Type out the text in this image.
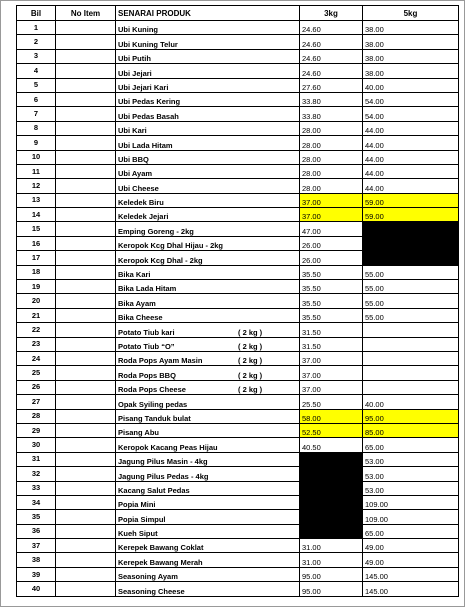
Bil	No Item	SENARAI PRODUK	3kg	5kg
1		Ubi Kuning	24.60	38.00
2		Ubi Kuning Telur	24.60	38.00
3		Ubi Putih	24.60	38.00
4		Ubi Jejari	24.60	38.00
5		Ubi Jejari Kari	27.60	40.00
6		Ubi Pedas Kering	33.80	54.00
7		Ubi Pedas Basah	33.80	54.00
8		Ubi Kari	28.00	44.00
9		Ubi Lada Hitam	28.00	44.00
10		Ubi BBQ	28.00	44.00
11		Ubi Ayam	28.00	44.00
12		Ubi Cheese	28.00	44.00
13		Keledek Biru	37.00	59.00
14		Keledek Jejari	37.00	59.00
15		Emping Goreng - 2kg	47.00	
16		Keropok Kcg Dhal Hijau - 2kg	26.00	
17		Keropok Kcg Dhal - 2kg	26.00	
18		Bika Kari	35.50	55.00
19		Bika Lada Hitam	35.50	55.00
20		Bika Ayam	35.50	55.00
21		Bika Cheese	35.50	55.00
22		Potato Tiub kari ( 2 kg )	31.50	
23		Potato Tiub “O” ( 2 kg )	31.50	
24		Roda Pops Ayam Masin ( 2 kg )	37.00	
25		Roda Pops BBQ ( 2 kg )	37.00	
26		Roda Pops Cheese ( 2 kg )	37.00	
27		Opak Syiling pedas	25.50	40.00
28		Pisang Tanduk bulat	58.00	95.00
29		Pisang Abu	52.50	85.00
30		Keropok Kacang Peas Hijau	40.50	65.00
31		Jagung Pilus Masin - 4kg		53.00
32		Jagung Pilus Pedas - 4kg		53.00
33		Kacang Salut Pedas		53.00
34		Popia Mini		109.00
35		Popia Simpul		109.00
36		Kueh Siput		65.00
37		Kerepek Bawang Coklat	31.00	49.00
38		Kerepek Bawang Merah	31.00	49.00
39		Seasoning Ayam	95.00	145.00
40		Seasoning Cheese	95.00	145.00
